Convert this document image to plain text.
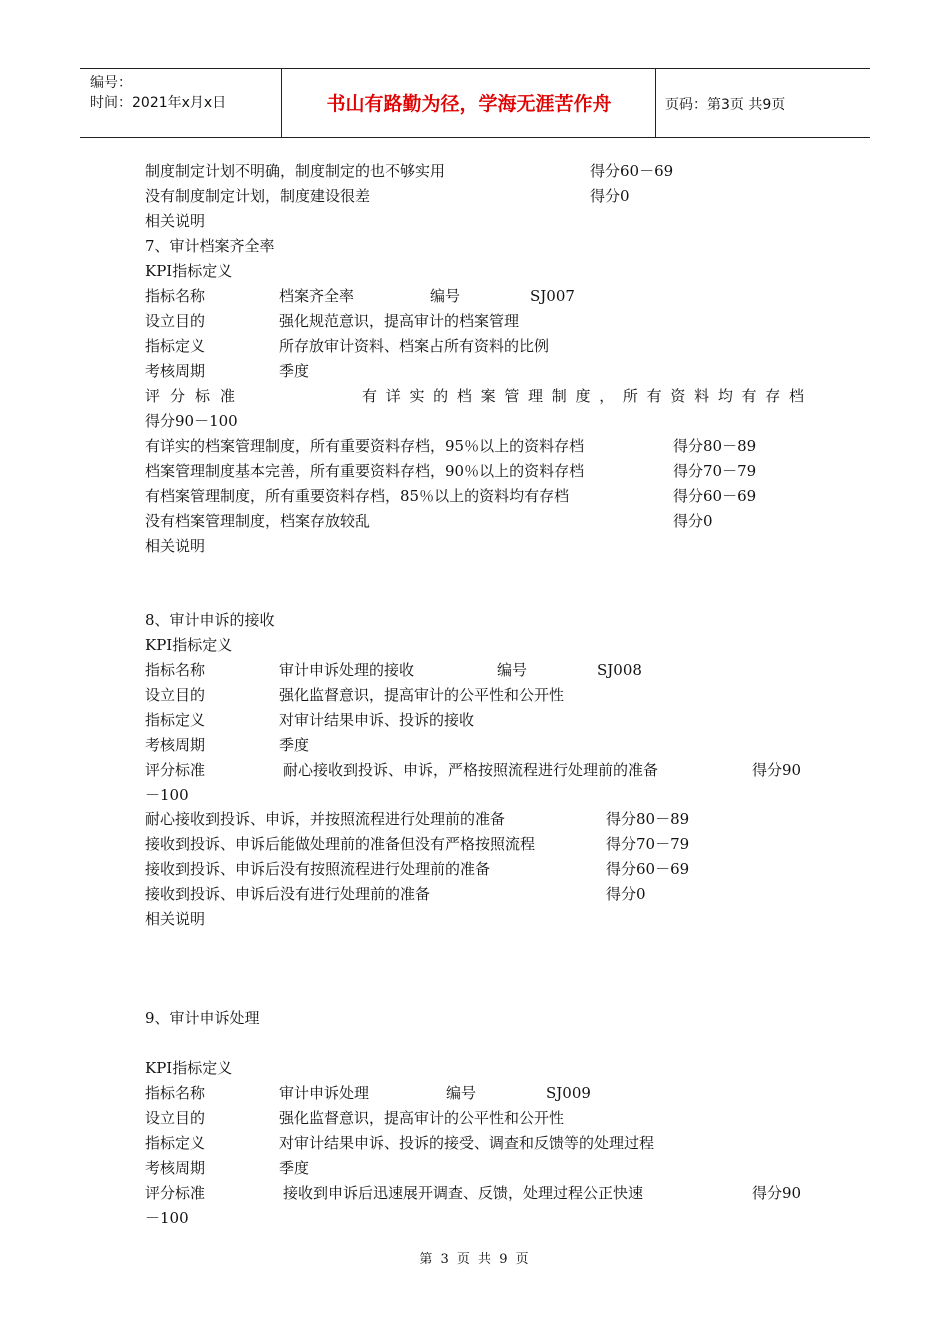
编号：
时间：2021年x月x日	书山有路勤为径，学海无涯苦作舟	页码：第3页 共9页
制度制定计划不明确，制度制定的也不够实用	得分60－69
没有制度制定计划，制度建设很差	得分0
相关说明
7、审计档案齐全率
KPI指标定义
指标名称	档案齐全率	编号	SJ007
设立目的	强化规范意识，提高审计的档案管理
指标定义	所存放审计资料、档案占所有资料的比例
考核周期	季度
评分标准	有详实的档案管理制度，所有资料均有存档
得分90－100
有详实的档案管理制度，所有重要资料存档，95％以上的资料存档	得分80－89
档案管理制度基本完善，所有重要资料存档，90％以上的资料存档	得分70－79
有档案管理制度，所有重要资料存档，85％以上的资料均有存档	得分60－69
没有档案管理制度，档案存放较乱	得分0
相关说明
8、审计申诉的接收
KPI指标定义
指标名称	审计申诉处理的接收	编号	SJ008
设立目的	强化监督意识，提高审计的公平性和公开性
指标定义	对审计结果申诉、投诉的接收
考核周期	季度
评分标准	耐心接收到投诉、申诉，严格按照流程进行处理前的准备	得分90
－100
耐心接收到投诉、申诉，并按照流程进行处理前的准备	得分80－89
接收到投诉、申诉后能做处理前的准备但没有严格按照流程	得分70－79
接收到投诉、申诉后没有按照流程进行处理前的准备	得分60－69
接收到投诉、申诉后没有进行处理前的准备	得分0
相关说明
9、审计申诉处理
KPI指标定义
指标名称	审计申诉处理	编号	SJ009
设立目的	强化监督意识，提高审计的公平性和公开性
指标定义	对审计结果申诉、投诉的接受、调查和反馈等的处理过程
考核周期	季度
评分标准	接收到申诉后迅速展开调查、反馈，处理过程公正快速	得分90
－100
第 3 页 共 9 页
